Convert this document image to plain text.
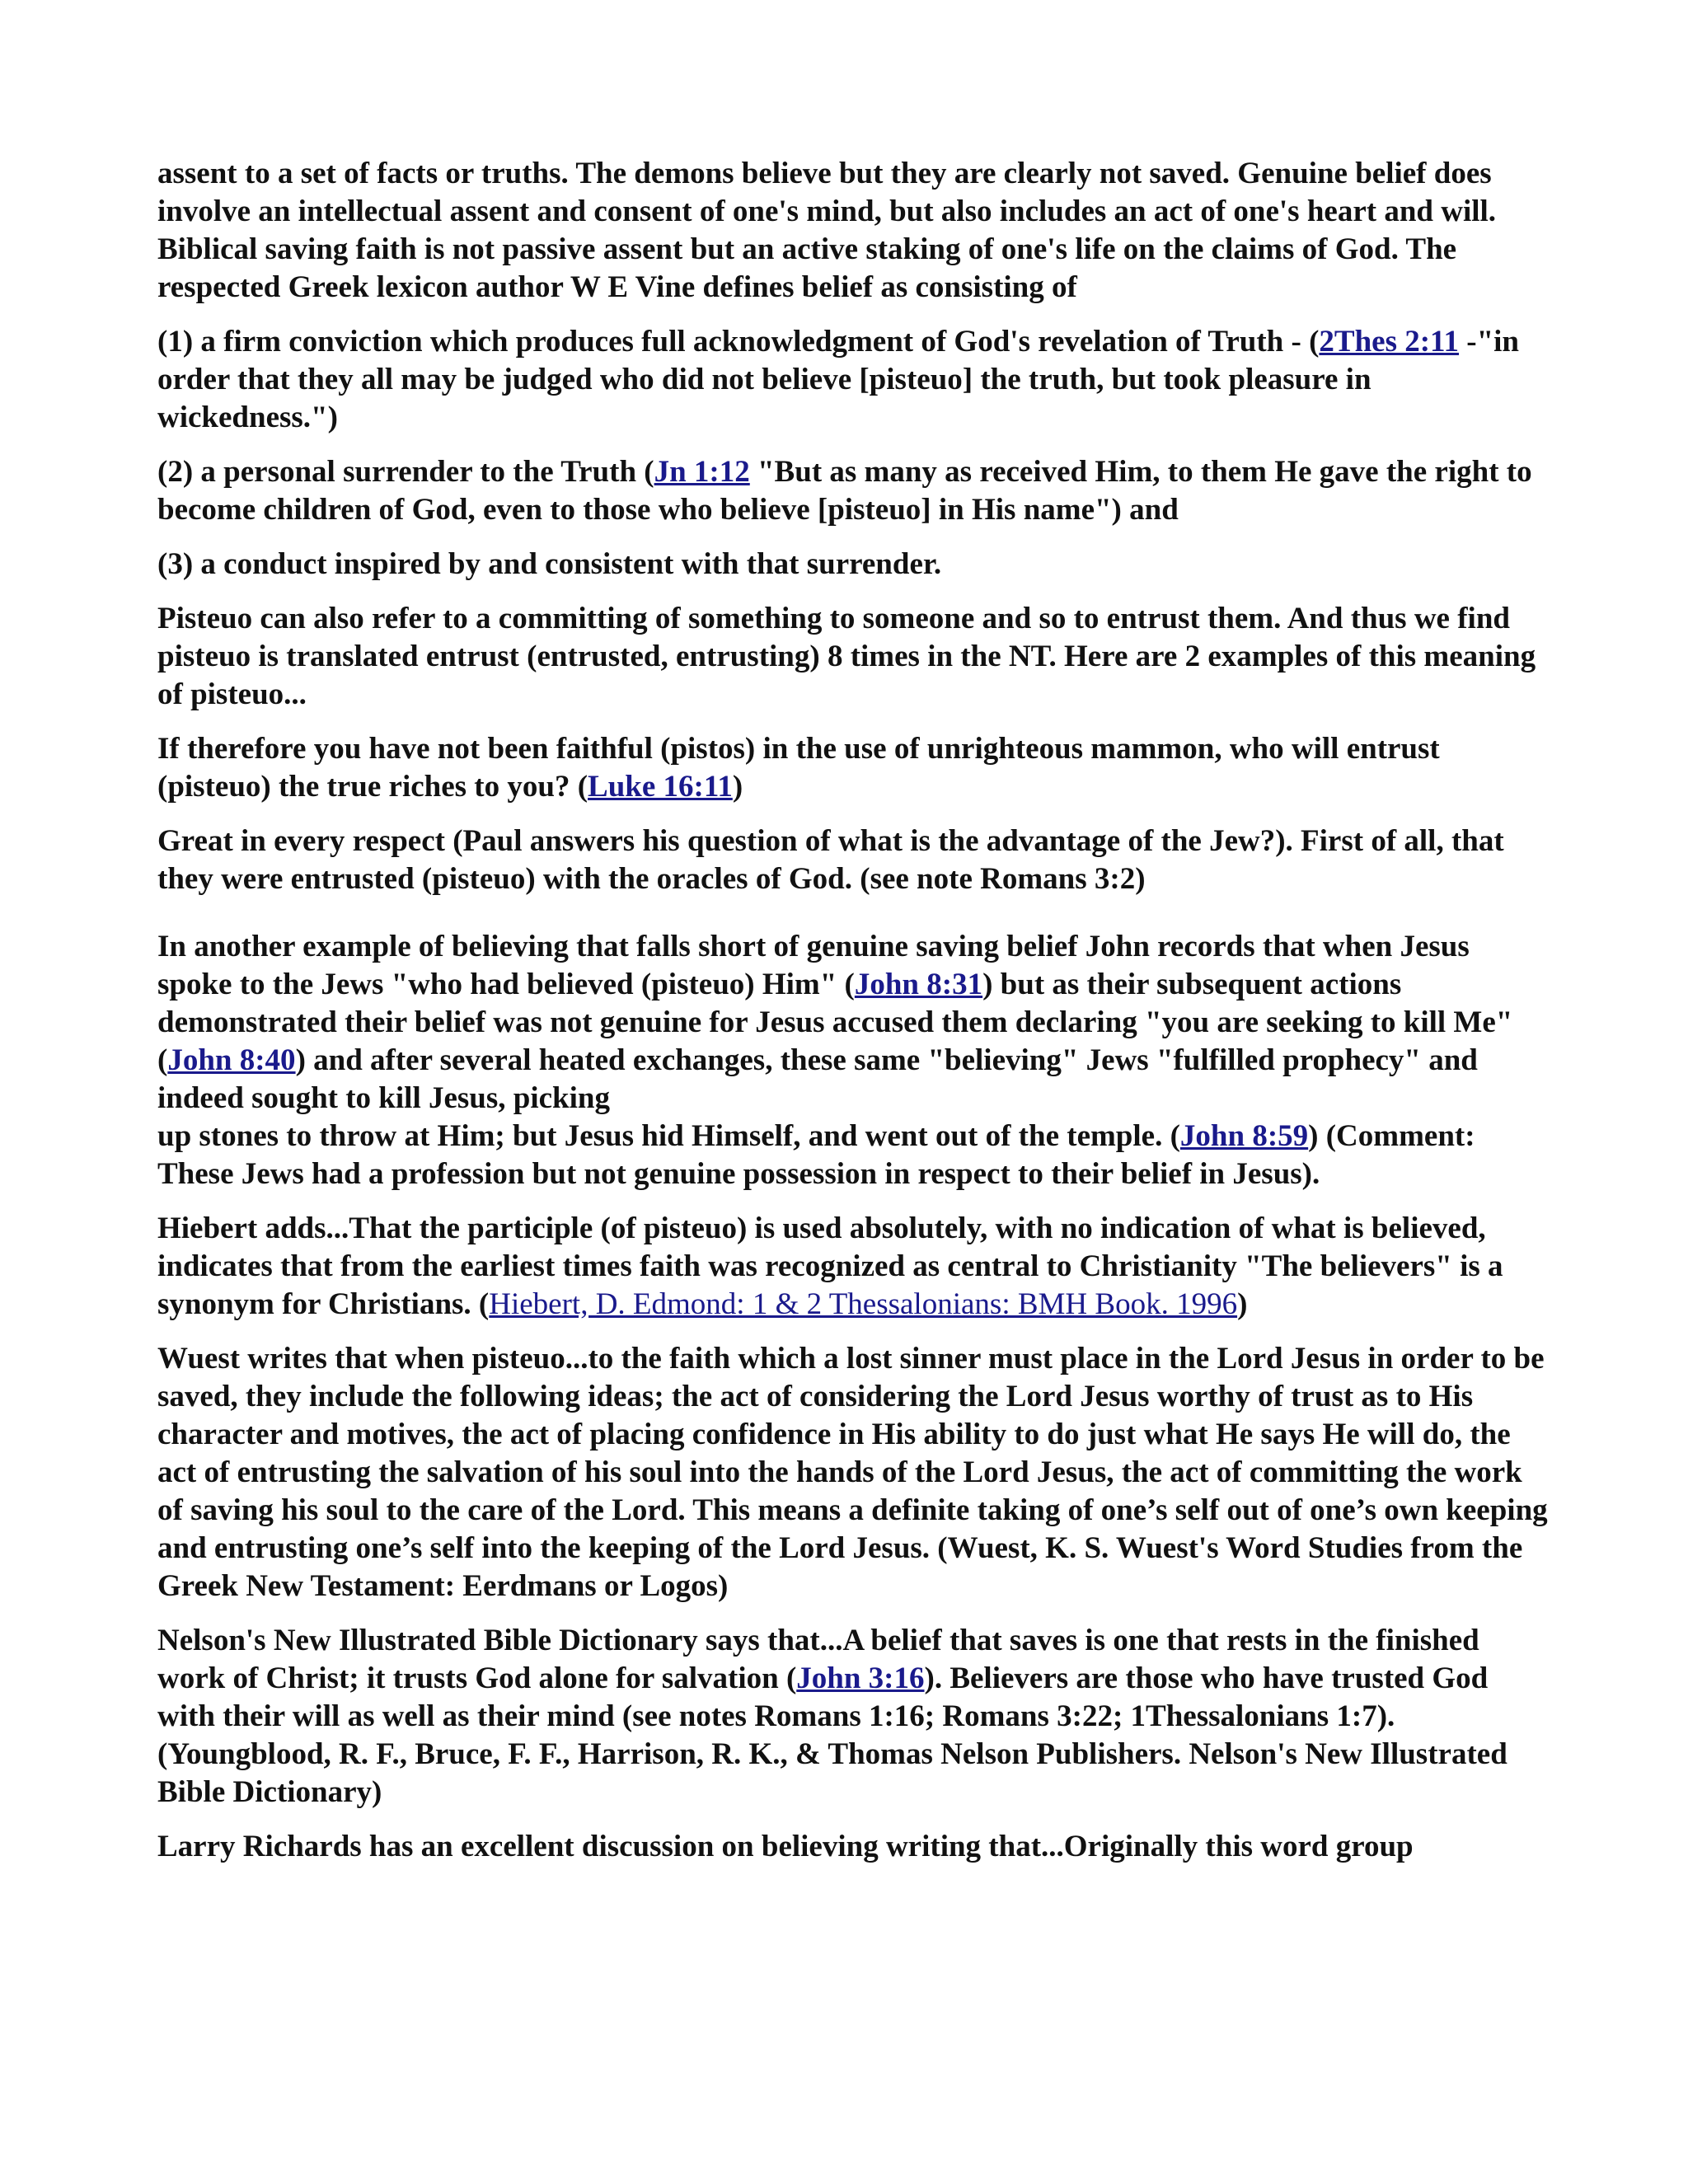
assent to a set of facts or truths. The demons believe but they are clearly not saved. Genuine belief does involve an intellectual assent and consent of one's mind, but also includes an act of one's heart and will. Biblical saving faith is not passive assent but an active staking of one's life on the claims of God. The respected Greek lexicon author W E Vine defines belief as consisting of

(1) a firm conviction which produces full acknowledgment of God's revelation of Truth - (2Thes 2:11 -"in order that they all may be judged who did not believe [pisteuo] the truth, but took pleasure in wickedness.")

(2) a personal surrender to the Truth (Jn 1:12 "But as many as received Him, to them He gave the right to become children of God, even to those who believe [pisteuo] in His name") and

(3) a conduct inspired by and consistent with that surrender.

Pisteuo can also refer to a committing of something to someone and so to entrust them. And thus we find pisteuo is translated entrust (entrusted, entrusting) 8 times in the NT. Here are 2 examples of this meaning of pisteuo...

If therefore you have not been faithful (pistos) in the use of unrighteous mammon, who will entrust (pisteuo) the true riches to you? (Luke 16:11)

Great in every respect (Paul answers his question of what is the advantage of the Jew?). First of all, that they were entrusted (pisteuo) with the oracles of God. (see note Romans 3:2)

In another example of believing that falls short of genuine saving belief John records that when Jesus spoke to the Jews "who had believed (pisteuo) Him" (John 8:31) but as their subsequent actions demonstrated their belief was not genuine for Jesus accused them declaring "you are seeking to kill Me" (John 8:40) and after several heated exchanges, these same "believing" Jews "fulfilled prophecy" and indeed sought to kill Jesus, picking
up stones to throw at Him; but Jesus hid Himself, and went out of the temple. (John 8:59) (Comment: These Jews had a profession but not genuine possession in respect to their belief in Jesus).

Hiebert adds...That the participle (of pisteuo) is used absolutely, with no indication of what is believed, indicates that from the earliest times faith was recognized as central to Christianity "The believers" is a synonym for Christians. (Hiebert, D. Edmond: 1 & 2 Thessalonians: BMH Book. 1996)

Wuest writes that when pisteuo...to the faith which a lost sinner must place in the Lord Jesus in order to be saved, they include the following ideas; the act of considering the Lord Jesus worthy of trust as to His character and motives, the act of placing confidence in His ability to do just what He says He will do, the act of entrusting the salvation of his soul into the hands of the Lord Jesus, the act of committing the work of saving his soul to the care of the Lord. This means a definite taking of one’s self out of one’s own keeping and entrusting one’s self into the keeping of the Lord Jesus. (Wuest, K. S. Wuest's Word Studies from the Greek New Testament: Eerdmans or Logos)

Nelson's New Illustrated Bible Dictionary says that...A belief that saves is one that rests in the finished work of Christ; it trusts God alone for salvation (John 3:16). Believers are those who have trusted God with their will as well as their mind (see notes Romans 1:16; Romans 3:22; 1Thessalonians 1:7). (Youngblood, R. F., Bruce, F. F., Harrison, R. K., & Thomas Nelson Publishers. Nelson's New Illustrated Bible Dictionary)

Larry Richards has an excellent discussion on believing writing that...Originally this word group
